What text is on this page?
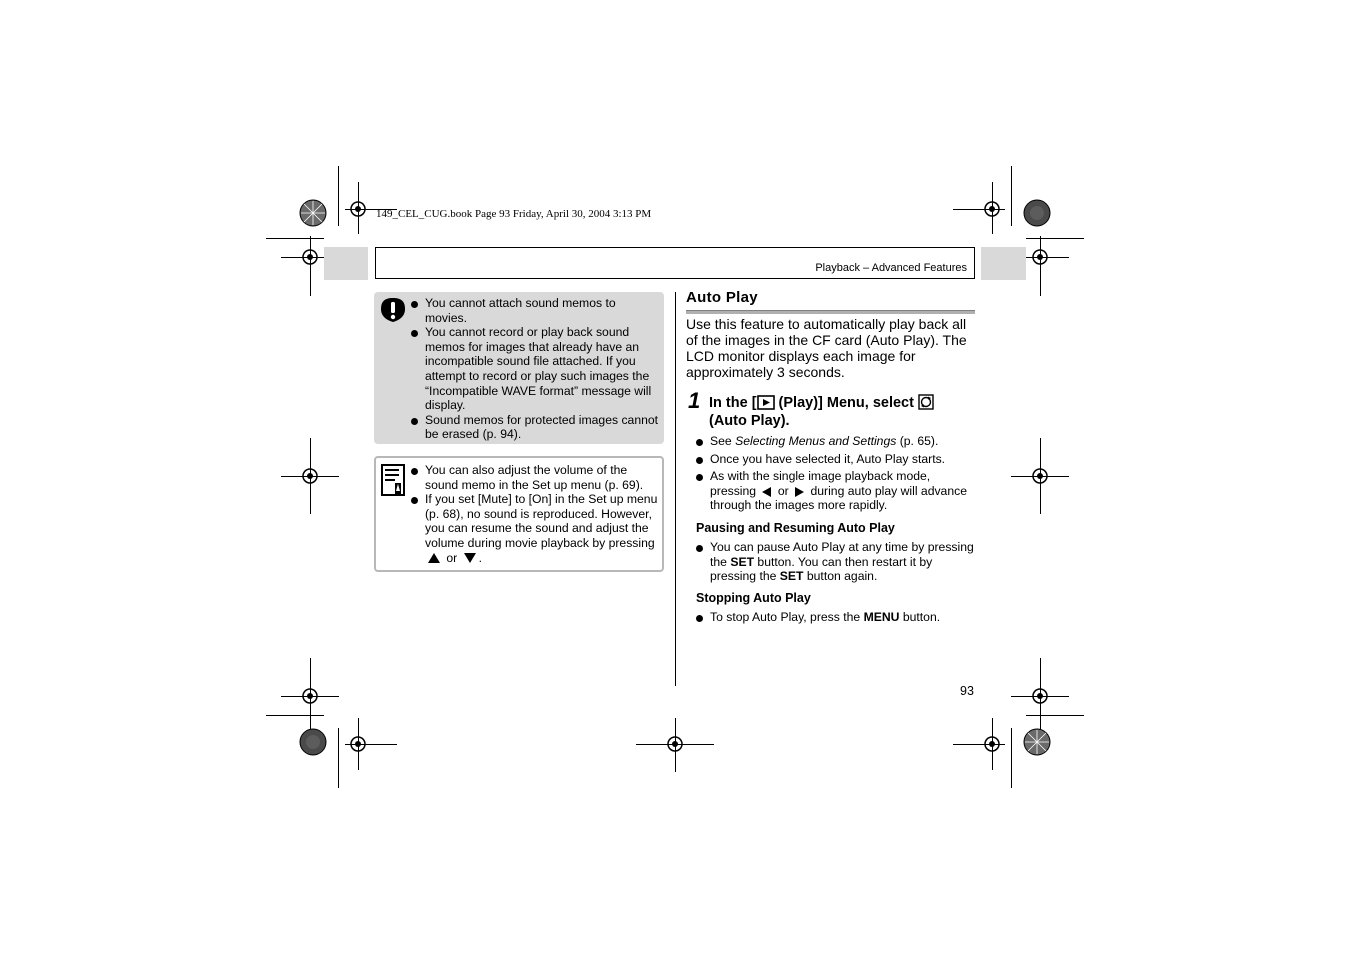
149_CEL_CUG.book Page 93 Friday, April 30, 2004 3:13 PM
Playback – Advanced Features
You cannot attach sound memos to movies.
You cannot record or play back sound memos for images that already have an incompatible sound file attached. If you attempt to record or play such images the “Incompatible WAVE format” message will display.
Sound memos for protected images cannot be erased (p. 94).
You can also adjust the volume of the sound memo in the Set up menu (p. 69).
If you set [Mute] to [On] in the Set up menu (p. 68), no sound is reproduced. However, you can resume the sound and adjust the volume during movie playback by pressing  or .
Auto Play
Use this feature to automatically play back all of the images in the CF card (Auto Play). The LCD monitor displays each image for approximately 3 seconds.
1 In the [ (Play)] Menu, select
(Auto Play).
See Selecting Menus and Settings (p. 65).
Once you have selected it, Auto Play starts.
As with the single image playback mode, pressing or during auto play will advance through the images more rapidly.
Pausing and Resuming Auto Play
You can pause Auto Play at any time by pressing the SET button. You can then restart it by pressing the SET button again.
Stopping Auto Play
To stop Auto Play, press the MENU button.
93
